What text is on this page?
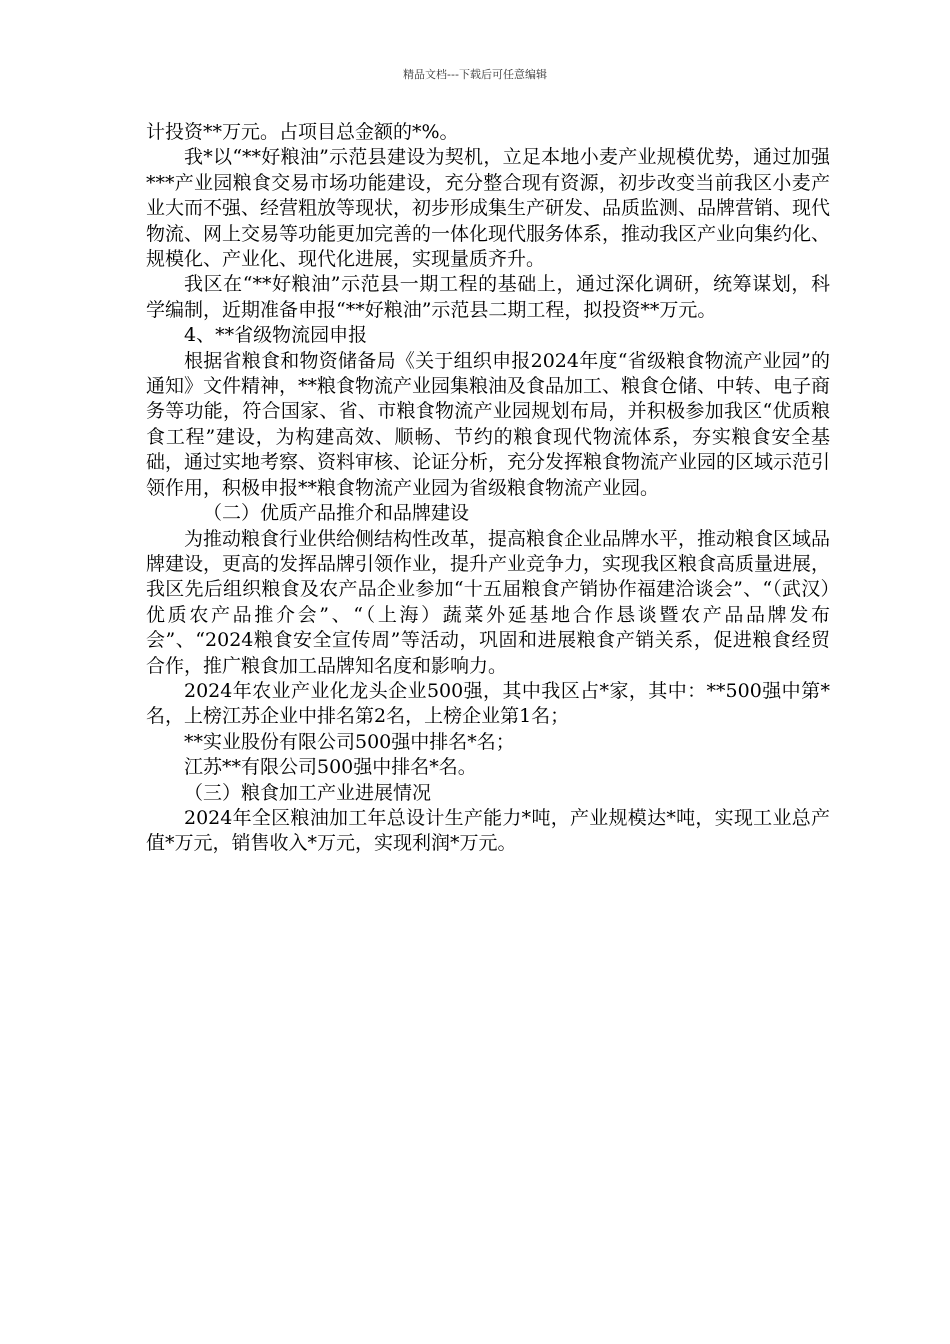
精品文档---下载后可任意编辑

计投资**万元。占项目总金额的*%。

我*以“**好粮油”示范县建设为契机，立足本地小麦产业规模优势，通过加强***产业园粮食交易市场功能建设，充分整合现有资源，初步改变当前我区小麦产业大而不强、经营粗放等现状，初步形成集生产研发、品质监测、品牌营销、现代物流、网上交易等功能更加完善的一体化现代服务体系，推动我区产业向集约化、规模化、产业化、现代化进展，实现量质齐升。

我区在“**好粮油”示范县一期工程的基础上，通过深化调研，统筹谋划，科学编制，近期准备申报“**好粮油”示范县二期工程，拟投资**万元。

4、**省级物流园申报

根据省粮食和物资储备局《关于组织申报2024年度“省级粮食物流产业园”的通知》文件精神，**粮食物流产业园集粮油及食品加工、粮食仓储、中转、电子商务等功能，符合国家、省、市粮食物流产业园规划布局，并积极参加我区“优质粮食工程”建设，为构建高效、顺畅、节约的粮食现代物流体系，夯实粮食安全基础，通过实地考察、资料审核、论证分析，充分发挥粮食物流产业园的区域示范引领作用，积极申报**粮食物流产业园为省级粮食物流产业园。

（二）优质产品推介和品牌建设

为推动粮食行业供给侧结构性改革，提高粮食企业品牌水平，推动粮食区域品牌建设，更高的发挥品牌引领作业，提升产业竞争力，实现我区粮食高质量进展，我区先后组织粮食及农产品企业参加“十五届粮食产销协作福建洽谈会”、“（武汉）优质农产品推介会”、“（上海）蔬菜外延基地合作恳谈暨农产品品牌发布会”、“2024粮食安全宣传周”等活动，巩固和进展粮食产销关系，促进粮食经贸合作，推广粮食加工品牌知名度和影响力。

2024年农业产业化龙头企业500强，其中我区占*家，其中：**500强中第*名，上榜江苏企业中排名第2名，上榜企业第1名；

**实业股份有限公司500强中排名*名；

江苏**有限公司500强中排名*名。

（三）粮食加工产业进展情况

2024年全区粮油加工年总设计生产能力*吨，产业规模达*吨，实现工业总产值*万元，销售收入*万元，实现利润*万元。
